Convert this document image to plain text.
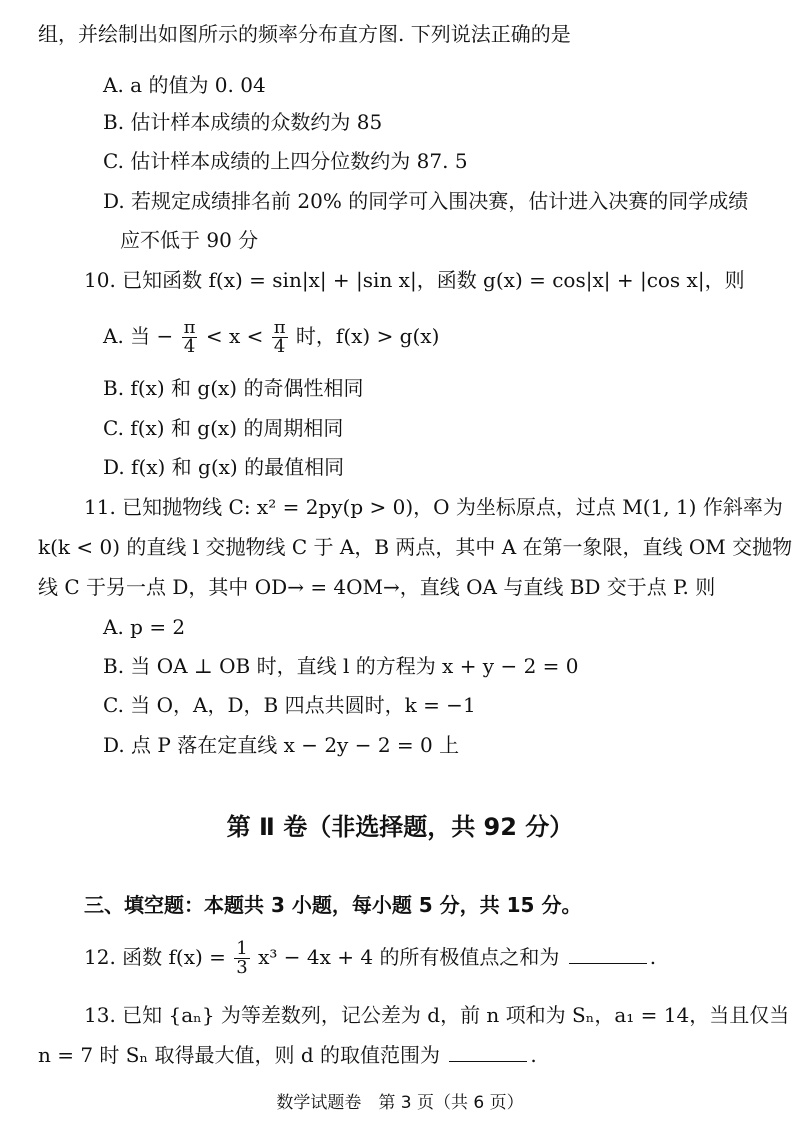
组，并绘制出如图所示的频率分布直方图. 下列说法正确的是
A. a 的值为 0. 04
B. 估计样本成绩的众数约为 85
C. 估计样本成绩的上四分位数约为 87. 5
D. 若规定成绩排名前 20% 的同学可入围决赛，估计进入决赛的同学成绩
应不低于 90 分
10. 已知函数 f(x) = sin|x| + |sin x|，函数 g(x) = cos|x| + |cos x|，则
A. 当 − $\frac{\pi}{4} < x < \frac{\pi}{4}$ 时，f(x) > g(x)
B. f(x) 和 g(x) 的奇偶性相同
C. f(x) 和 g(x) 的周期相同
D. f(x) 和 g(x) 的最值相同
11. 已知抛物线 C: x² = 2py(p > 0)，O 为坐标原点，过点 M(1, 1) 作斜率为
k(k < 0) 的直线 l 交抛物线 C 于 A，B 两点，其中 A 在第一象限，直线 OM 交抛物
线 C 于另一点 D，其中 OD→ = 4OM→，直线 OA 与直线 BD 交于点 P. 则
A. p = 2
B. 当 OA ⊥ OB 时，直线 l 的方程为 x + y − 2 = 0
C. 当 O，A，D，B 四点共圆时，k = −1
D. 点 P 落在定直线 x − 2y − 2 = 0 上
第 Ⅱ 卷（非选择题，共 92 分）
三、填空题：本题共 3 小题，每小题 5 分，共 15 分。
12. 函数 $f(x) = \frac{1}{3} x^3 - 4x + 4$ 的所有极值点之和为	.
13. 已知 {aₙ} 为等差数列，记公差为 d，前 n 项和为 Sₙ，a₁ = 14，当且仅当
n = 7 时 Sₙ 取得最大值，则 d 的取值范围为	.
数学试题卷　第 3 页（共 6 页）
